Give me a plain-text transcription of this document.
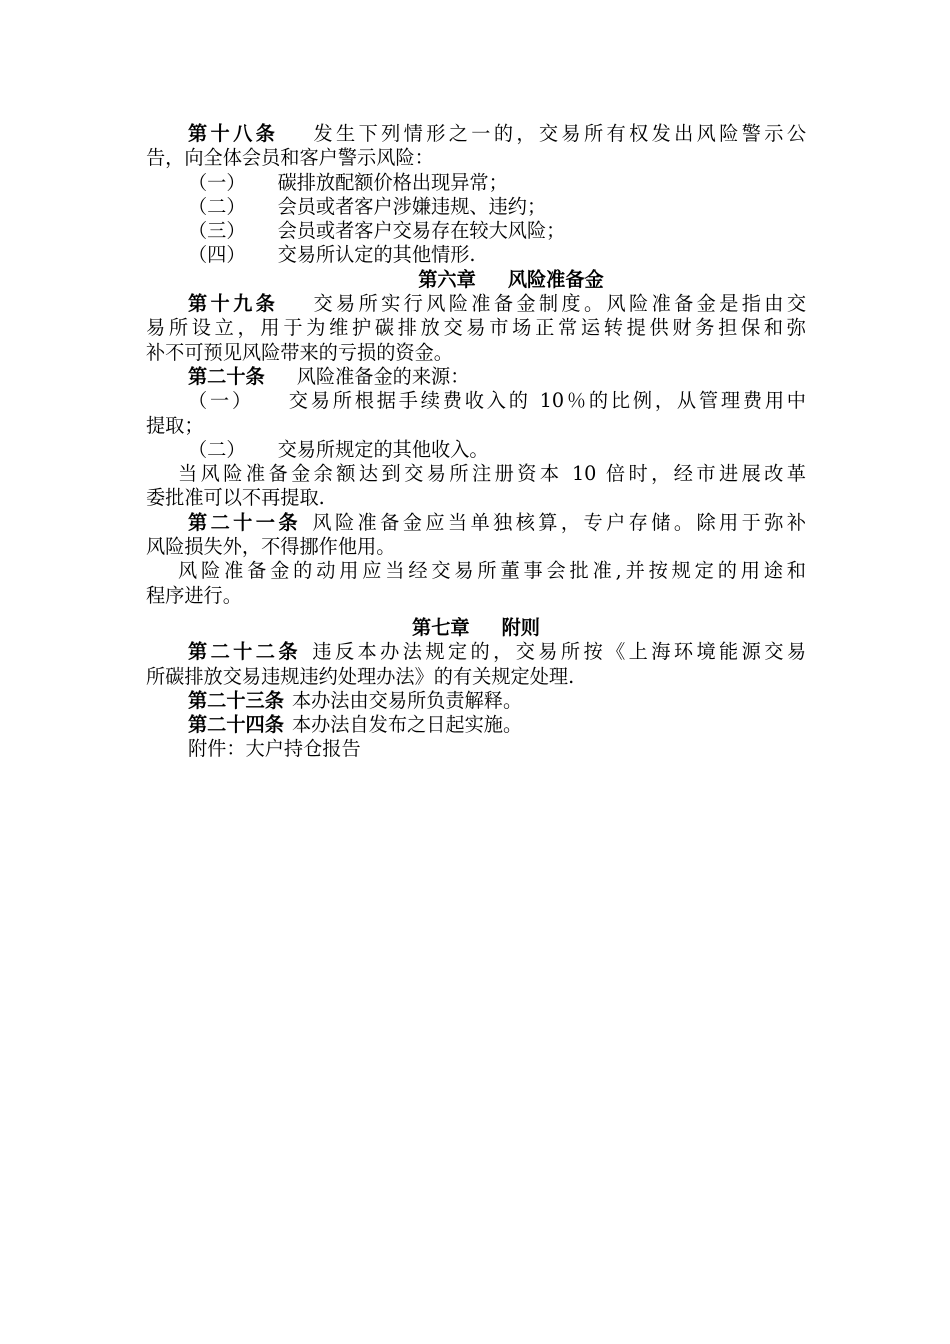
第十八条 发生下列情形之一的，交易所有权发出风险警示公
告，向全体会员和客户警示风险：
（一） 碳排放配额价格出现异常；
（二） 会员或者客户涉嫌违规、违约；
（三） 会员或者客户交易存在较大风险；
（四） 交易所认定的其他情形.
第六章 风险准备金
第十九条 交易所实行风险准备金制度。风险准备金是指由交
易所设立，用于为维护碳排放交易市场正常运转提供财务担保和弥
补不可预见风险带来的亏损的资金。
第二十条 风险准备金的来源：
（一） 交易所根据手续费收入的 10％的比例，从管理费用中
提取；
（二） 交易所规定的其他收入。
当风险准备金余额达到交易所注册资本 10 倍时，经市进展改革
委批准可以不再提取.
第二十一条 风险准备金应当单独核算，专户存储。除用于弥补
风险损失外，不得挪作他用。
风险准备金的动用应当经交易所董事会批准,并按规定的用途和
程序进行。
第七章 附则
第二十二条 违反本办法规定的，交易所按《上海环境能源交易
所碳排放交易违规违约处理办法》的有关规定处理.
第二十三条 本办法由交易所负责解释。
第二十四条 本办法自发布之日起实施。
附件：大户持仓报告
